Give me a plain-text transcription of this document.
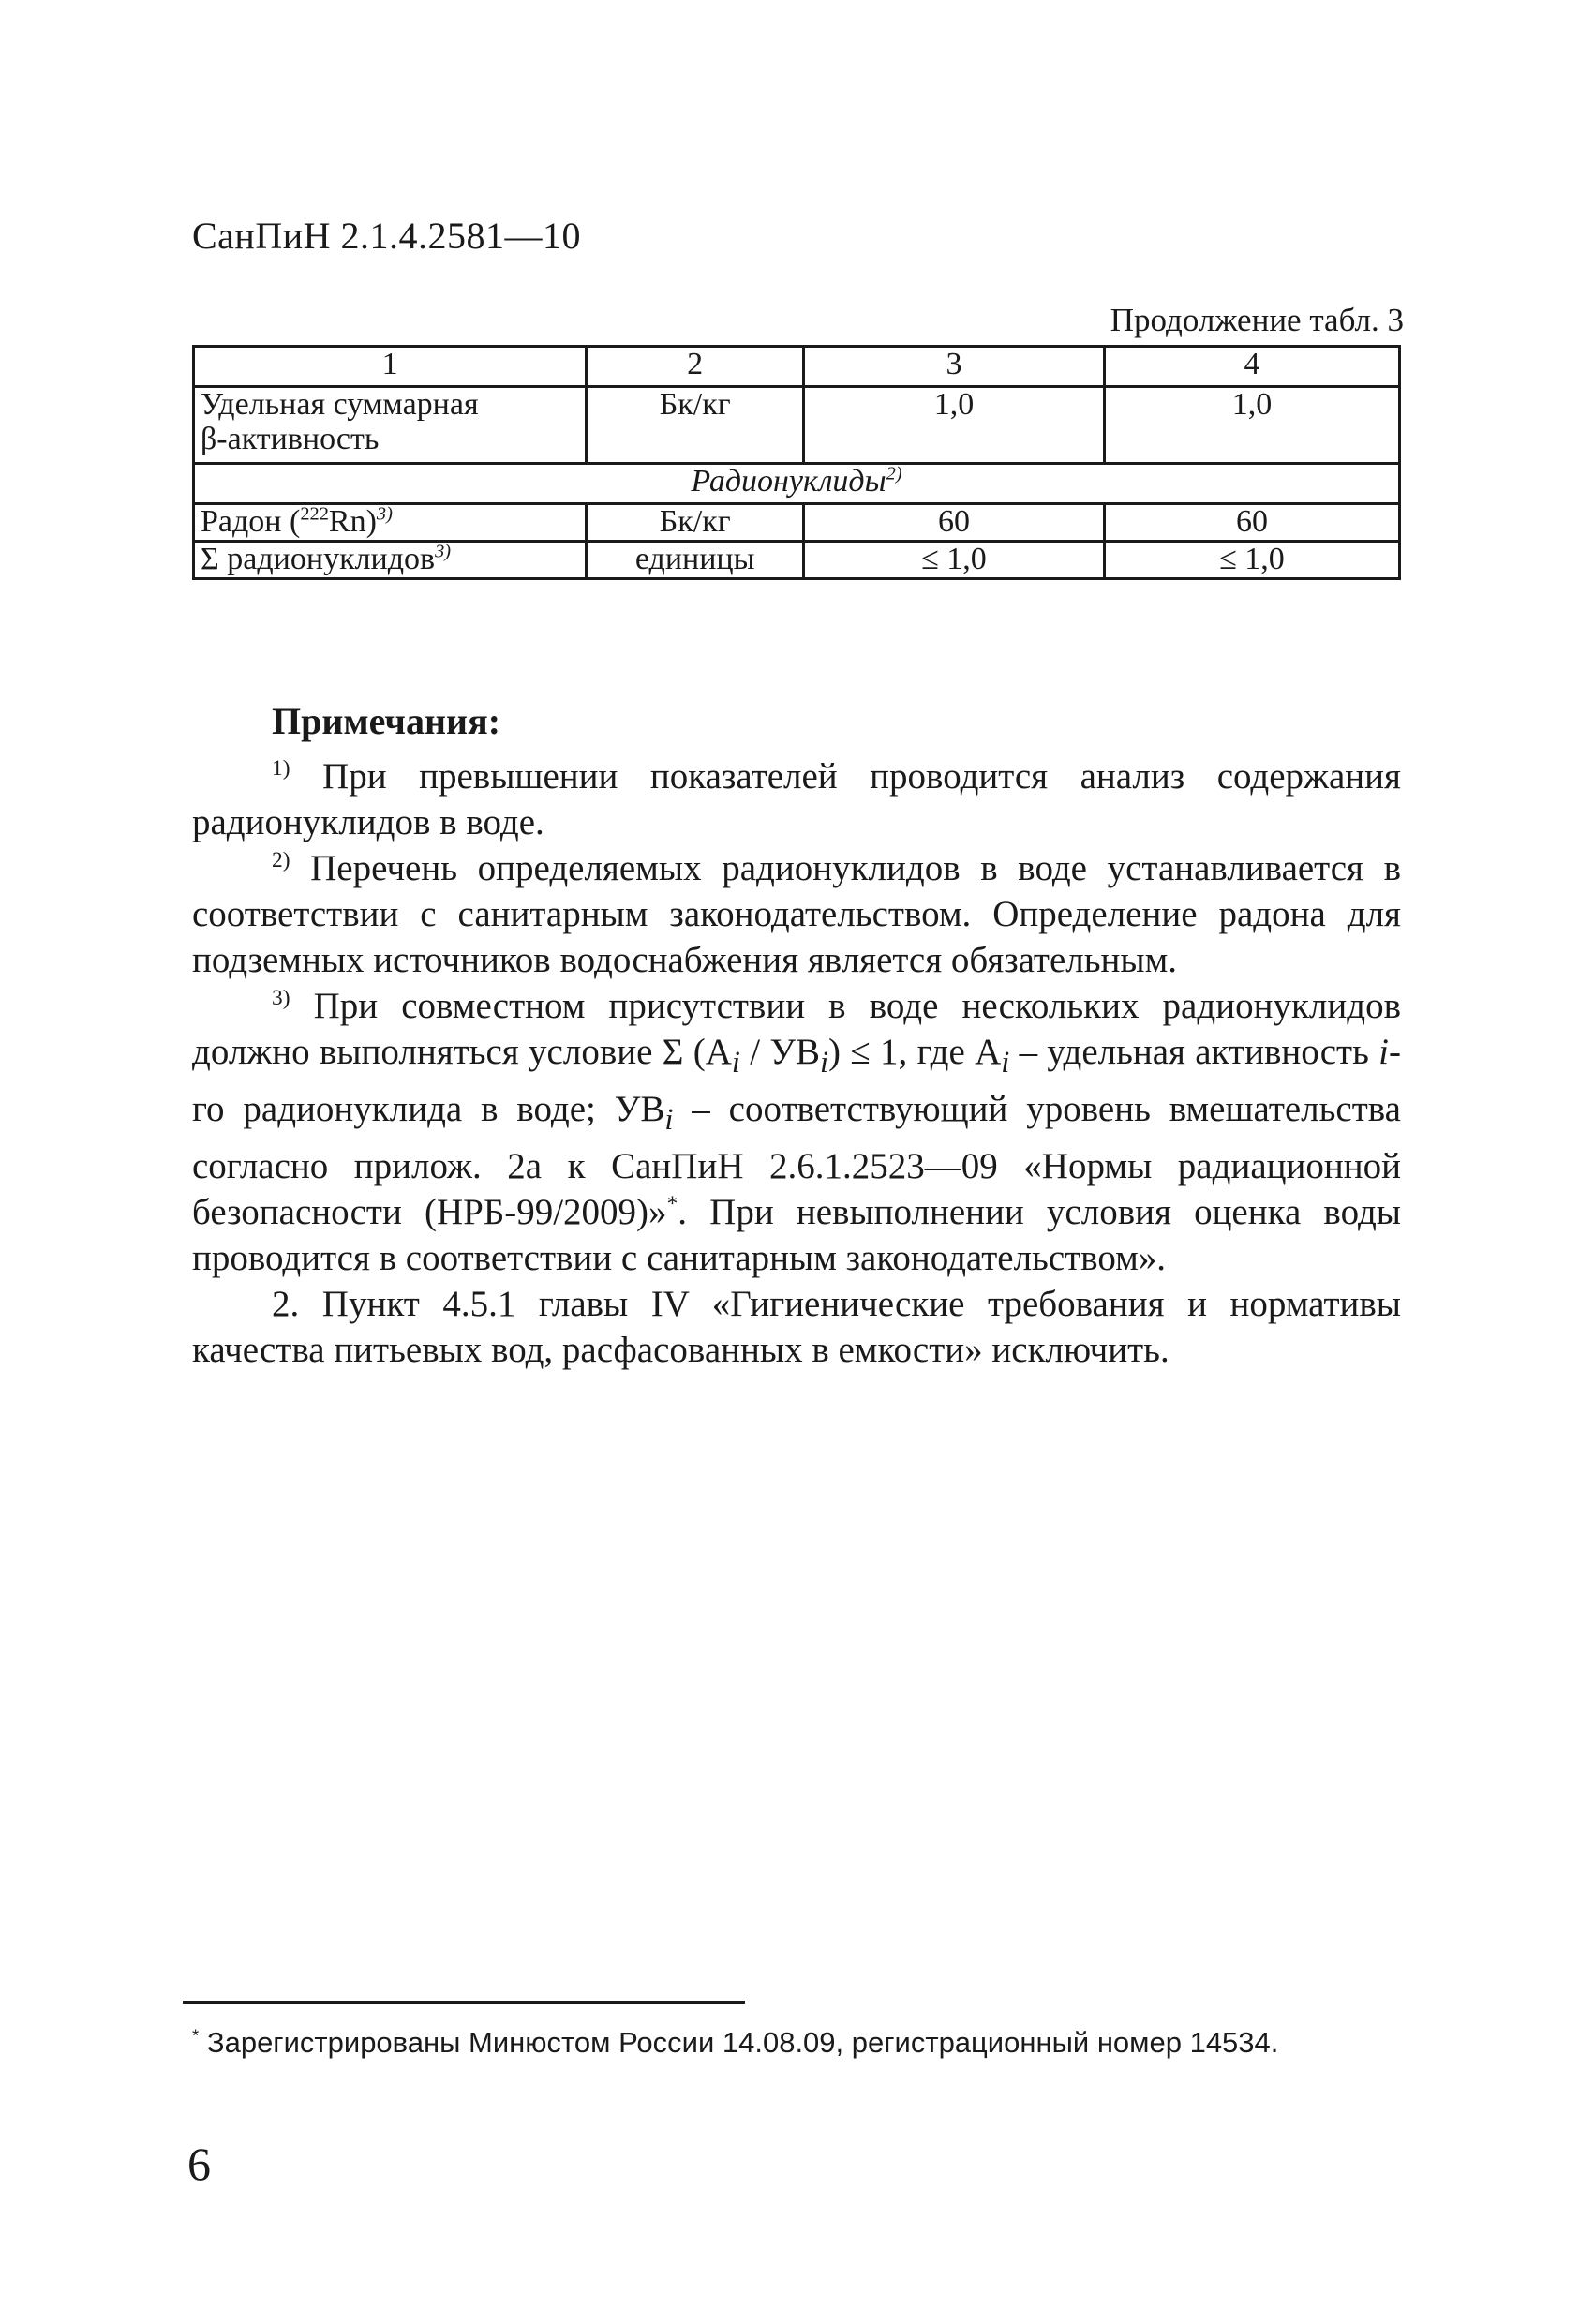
СанПиН 2.1.4.2581—10
Продолжение табл. 3
1	2	3	4

Удельная суммарная
β-активность	Бк/кг	1,0	1,0
Радионуклиды$^{2)}$
Радон $(^{222}Rn)^{3)}$	Бк/кг	60	60
Σ радионуклидов$^{3)}$	единицы	≤ 1,0	≤ 1,0
Примечания:

$^{1)}$ При превышении показателей проводится анализ содержания радионуклидов в воде.

$^{2)}$ Перечень определяемых радионуклидов в воде устанавливается в соответствии с санитарным законодательством. Определение радона для подземных источников водоснабжения является обязательным.

$^{3)}$ При совместном присутствии в воде нескольких радионуклидов должно выполняться условие Σ $(A_i / УВ_i) \le 1$, где $A_i$ – удельная активность i-го радионуклида в воде; $УВ_i$ – соответствующий уровень вмешательства согласно прилож. 2а к СанПиН 2.6.1.2523—09 «Нормы радиационной безопасности (НРБ-99/2009)»*. При невыполнении условия оценка воды проводится в соответствии с санитарным законодательством».

2. Пункт 4.5.1 главы IV «Гигиенические требования и нормативы качества питьевых вод, расфасованных в емкости» исключить.

* Зарегистрированы Минюстом России 14.08.09, регистрационный номер 14534.
6
